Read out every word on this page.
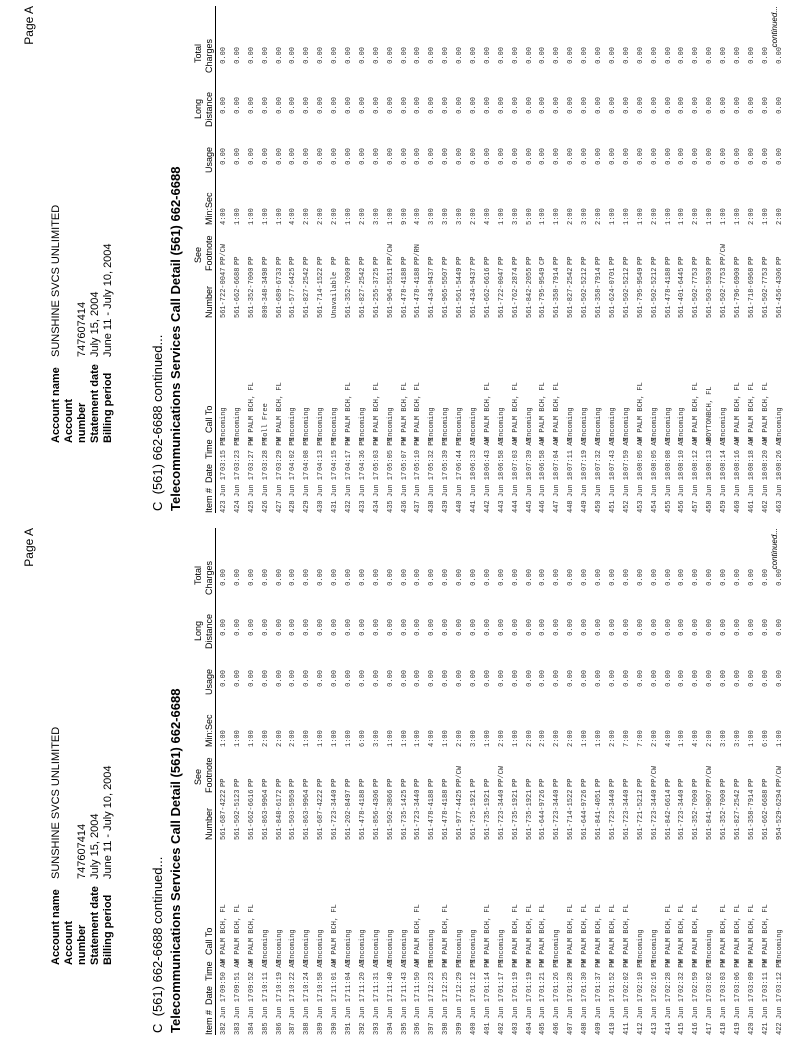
Page A
Account nameSUNSHINE SVCS UNLIMITED
Account number747607414
Statement dateJuly 15, 2004
Billing periodJune 11 - July 10, 2004
C  (561) 662-6688 continued... Telecommunications Services Call Detail (561) 662-6688 Item #
Date
Time
Call To
Number
See Footnote
Min:Sec
Usage
Long Distance
Total Charges
382
Jun 17
09:50 AM
W PALM BCH, FL
561-687-4222
PP
1:00
0.00
0.00
0.00
383
Jun 17
09:51 AM
W PALM BCH, FL
561-502-5123
PP
1:00
0.00
0.00
0.00
384
Jun 17
09:52 AM
W PALM BCH, FL
561-662-6616
PP
1:00
0.00
0.00
0.00
385
Jun 17
10:11 AM
Incoming
561-863-9964
PP
2:00
0.00
0.00
0.00
386
Jun 17
10:19 AM
Incoming
561-848-6172
PP
2:00
0.00
0.00
0.00
387
Jun 17
10:22 AM
Incoming
561-503-5950
PP
2:00
0.00
0.00
0.00
388
Jun 17
10:24 AM
Incoming
561-863-9964
PP
1:00
0.00
0.00
0.00
389
Jun 17
10:58 AM
Incoming
561-687-4222
PP
1:00
0.00
0.00
0.00
390
Jun 17
11:01 AM
W PALM BCH, FL
561-723-3440
PP
1:00
0.00
0.00
0.00
391
Jun 17
11:04 AM
Incoming
561-202-8497
PP
1:00
0.00
0.00
0.00
392
Jun 17
11:20 AM
Incoming
561-478-4188
PP
6:00
0.00
0.00
0.00
393
Jun 17
11:31 AM
Incoming
561-856-4306
PP
3:00
0.00
0.00
0.00
394
Jun 17
11:40 AM
Incoming
561-502-3866
PP
1:00
0.00
0.00
0.00
395
Jun 17
11:43 AM
Incoming
561-735-1425
PP
1:00
0.00
0.00
0.00
396
Jun 17
11:50 AM
W PALM BCH, FL
561-723-3440
PP
1:00
0.00
0.00
0.00
397
Jun 17
12:23 PM
Incoming
561-478-4188
PP
4:00
0.00
0.00
0.00
398
Jun 17
12:25 PM
W PALM BCH, FL
561-478-4188
PP
1:00
0.00
0.00
0.00
399
Jun 17
12:29 PM
Incoming
561-977-4425
PP/CW
2:00
0.00
0.00
0.00
400
Jun 17
01:12 PM
Incoming
561-735-1921
PP
3:00
0.00
0.00
0.00
401
Jun 17
01:14 PM
W PALM BCH, FL
561-735-1921
PP
1:00
0.00
0.00
0.00
402
Jun 17
01:17 PM
Incoming
561-723-3440
PP/CW
2:00
0.00
0.00
0.00
403
Jun 17
01:19 PM
W PALM BCH, FL
561-735-1921
PP
1:00
0.00
0.00
0.00
404
Jun 17
01:19 PM
W PALM BCH, FL
561-735-1921
PP
2:00
0.00
0.00
0.00
405
Jun 17
01:21 PM
W PALM BCH, FL
561-644-9726
PP
2:00
0.00
0.00
0.00
406
Jun 17
01:26 PM
Incoming
561-723-3440
PP
2:00
0.00
0.00
0.00
407
Jun 17
01:28 PM
W PALM BCH, FL
561-714-1522
PP
2:00
0.00
0.00
0.00
408
Jun 17
01:30 PM
W PALM BCH, FL
561-644-9726
PP
1:00
0.00
0.00
0.00
409
Jun 17
01:37 PM
W PALM BCH, FL
561-841-4051
PP
1:00
0.00
0.00
0.00
410
Jun 17
01:52 PM
W PALM BCH, FL
561-723-3440
PP
2:00
0.00
0.00
0.00
411
Jun 17
02:02 PM
W PALM BCH, FL
561-723-3440
PP
7:00
0.00
0.00
0.00
412
Jun 17
02:10 PM
Incoming
561-721-5212
PP
7:00
0.00
0.00
0.00
413
Jun 17
02:16 PM
Incoming
561-723-3440
PP/CW
2:00
0.00
0.00
0.00
414
Jun 17
02:28 PM
W PALM BCH, FL
561-842-6614
PP
4:00
0.00
0.00
0.00
415
Jun 17
02:32 PM
W PALM BCH, FL
561-723-3440
PP
1:00
0.00
0.00
0.00
416
Jun 17
02:59 PM
W PALM BCH, FL
561-352-7000
PP
4:00
0.00
0.00
0.00
417
Jun 17
03:02 PM
Incoming
561-841-9007
PP/CW
2:00
0.00
0.00
0.00
418
Jun 17
03:03 PM
W PALM BCH, FL
561-352-7000
PP
3:00
0.00
0.00
0.00
419
Jun 17
03:06 PM
W PALM BCH, FL
561-827-2542
PP
3:00
0.00
0.00
0.00
420
Jun 17
03:09 PM
W PALM BCH, FL
561-358-7914
PP
1:00
0.00
0.00
0.00
421
Jun 17
03:11 PM
W PALM BCH, FL
561-662-6688
PP
6:00
0.00
0.00
0.00
422
Jun 17
03:12 PM
Incoming
954-529-6294
PP/CW
1:00
0.00
0.00
0.00
continued...
Page A
Account nameSUNSHINE SVCS UNLIMITED
Account number747607414
Statement dateJuly 15, 2004
Billing periodJune 11 - July 10, 2004
C  (561) 662-6688 continued... Telecommunications Services Call Detail (561) 662-6688 Item #
Date
Time
Call To
Number
See Footnote
Min:Sec
Usage
Long Distance
Total Charges
423
Jun 17
03:15 PM
Incoming
561-722-0047
PP/CW
4:00
0.00
0.00
0.00
424
Jun 17
03:23 PM
Incoming
561-662-6688
PP
1:00
0.00
0.00
0.00
425
Jun 17
03:27 PM
W PALM BCH, FL
561-352-7000
PP
1:00
0.00
0.00
0.00
426
Jun 17
03:28 PM
Toll Free
800-348-3498
PP
1:00
0.00
0.00
0.00
427
Jun 17
03:29 PM
W PALM BCH, FL
561-689-6733
PP
1:00
0.00
0.00
0.00
428
Jun 17
04:02 PM
Incoming
561-577-6425
PP
4:00
0.00
0.00
0.00
429
Jun 17
04:08 PM
Incoming
561-827-2542
PP
2:00
0.00
0.00
0.00
430
Jun 17
04:13 PM
Incoming
561-714-1522
PP
2:00
0.00
0.00
0.00
431
Jun 17
04:15 PM
Incoming
Unavailable
PP
2:00
0.00
0.00
0.00
432
Jun 17
04:17 PM
W PALM BCH, FL
561-352-7000
PP
1:00
0.00
0.00
0.00
433
Jun 17
04:36 PM
Incoming
561-827-2542
PP
2:00
0.00
0.00
0.00
434
Jun 17
05:03 PM
W PALM BCH, FL
561-255-3725
PP
3:00
0.00
0.00
0.00
435
Jun 17
05:05 PM
Incoming
561-964-5511
PP/CW
1:00
0.00
0.00
0.00
436
Jun 17
05:07 PM
W PALM BCH, FL
561-478-4188
PP
9:00
0.00
0.00
0.00
437
Jun 17
05:10 PM
W PALM BCH, FL
561-478-4188
PP/RN
4:00
0.00
0.00
0.00
438
Jun 17
05:32 PM
Incoming
561-434-9437
PP
3:00
0.00
0.00
0.00
439
Jun 17
05:39 PM
Incoming
561-965-5507
PP
3:00
0.00
0.00
0.00
440
Jun 17
06:44 PM
Incoming
561-561-5449
PP
3:00
0.00
0.00
0.00
441
Jun 18
06:33 AM
Incoming
561-434-9437
PP
2:00
0.00
0.00
0.00
442
Jun 18
06:43 AM
W PALM BCH, FL
561-662-6616
PP
4:00
0.00
0.00
0.00
443
Jun 18
06:58 AM
Incoming
561-722-0047
PP
1:00
0.00
0.00
0.00
444
Jun 18
07:03 AM
W PALM BCH, FL
561-762-2874
PP
3:00
0.00
0.00
0.00
445
Jun 18
07:39 AM
Incoming
561-842-2055
PP
5:00
0.00
0.00
0.00
446
Jun 18
06:58 AM
W PALM BCH, FL
561-795-9549
CP
1:00
0.00
0.00
0.00
447
Jun 18
07:04 AM
W PALM BCH, FL
561-358-7914
PP
1:00
0.00
0.00
0.00
448
Jun 18
07:11 AM
Incoming
561-827-2542
PP
2:00
0.00
0.00
0.00
449
Jun 18
07:19 AM
Incoming
561-502-5212
PP
3:00
0.00
0.00
0.00
450
Jun 18
07:32 AM
Incoming
561-358-7914
PP
2:00
0.00
0.00
0.00
451
Jun 18
07:43 AM
Incoming
561-624-0701
PP
1:00
0.00
0.00
0.00
452
Jun 18
07:59 AM
Incoming
561-502-5212
PP
1:00
0.00
0.00
0.00
453
Jun 18
08:05 AM
W PALM BCH, FL
561-795-9549
PP
1:00
0.00
0.00
0.00
454
Jun 18
08:05 AM
Incoming
561-502-5212
PP
2:00
0.00
0.00
0.00
455
Jun 18
08:08 AM
Incoming
561-478-4188
PP
1:00
0.00
0.00
0.00
456
Jun 18
08:10 AM
Incoming
561-401-6445
PP
1:00
0.00
0.00
0.00
457
Jun 18
08:12 AM
W PALM BCH, FL
561-502-7753
PP
2:00
0.00
0.00
0.00
458
Jun 18
08:13 AM
BOYTONBCH, FL
561-503-5930
PP
1:00
0.00
0.00
0.00
459
Jun 18
08:14 AM
Incoming
561-502-7753
PP/CW
1:00
0.00
0.00
0.00
460
Jun 18
08:16 AM
W PALM BCH, FL
561-796-6900
PP
1:00
0.00
0.00
0.00
461
Jun 18
08:18 AM
W PALM BCH, FL
561-718-6968
PP
2:00
0.00
0.00
0.00
462
Jun 18
08:20 AM
W PALM BCH, FL
561-502-7753
PP
1:00
0.00
0.00
0.00
463
Jun 18
08:26 AM
Incoming
561-456-4306
PP
2:00
0.00
0.00
0.00
continued...
